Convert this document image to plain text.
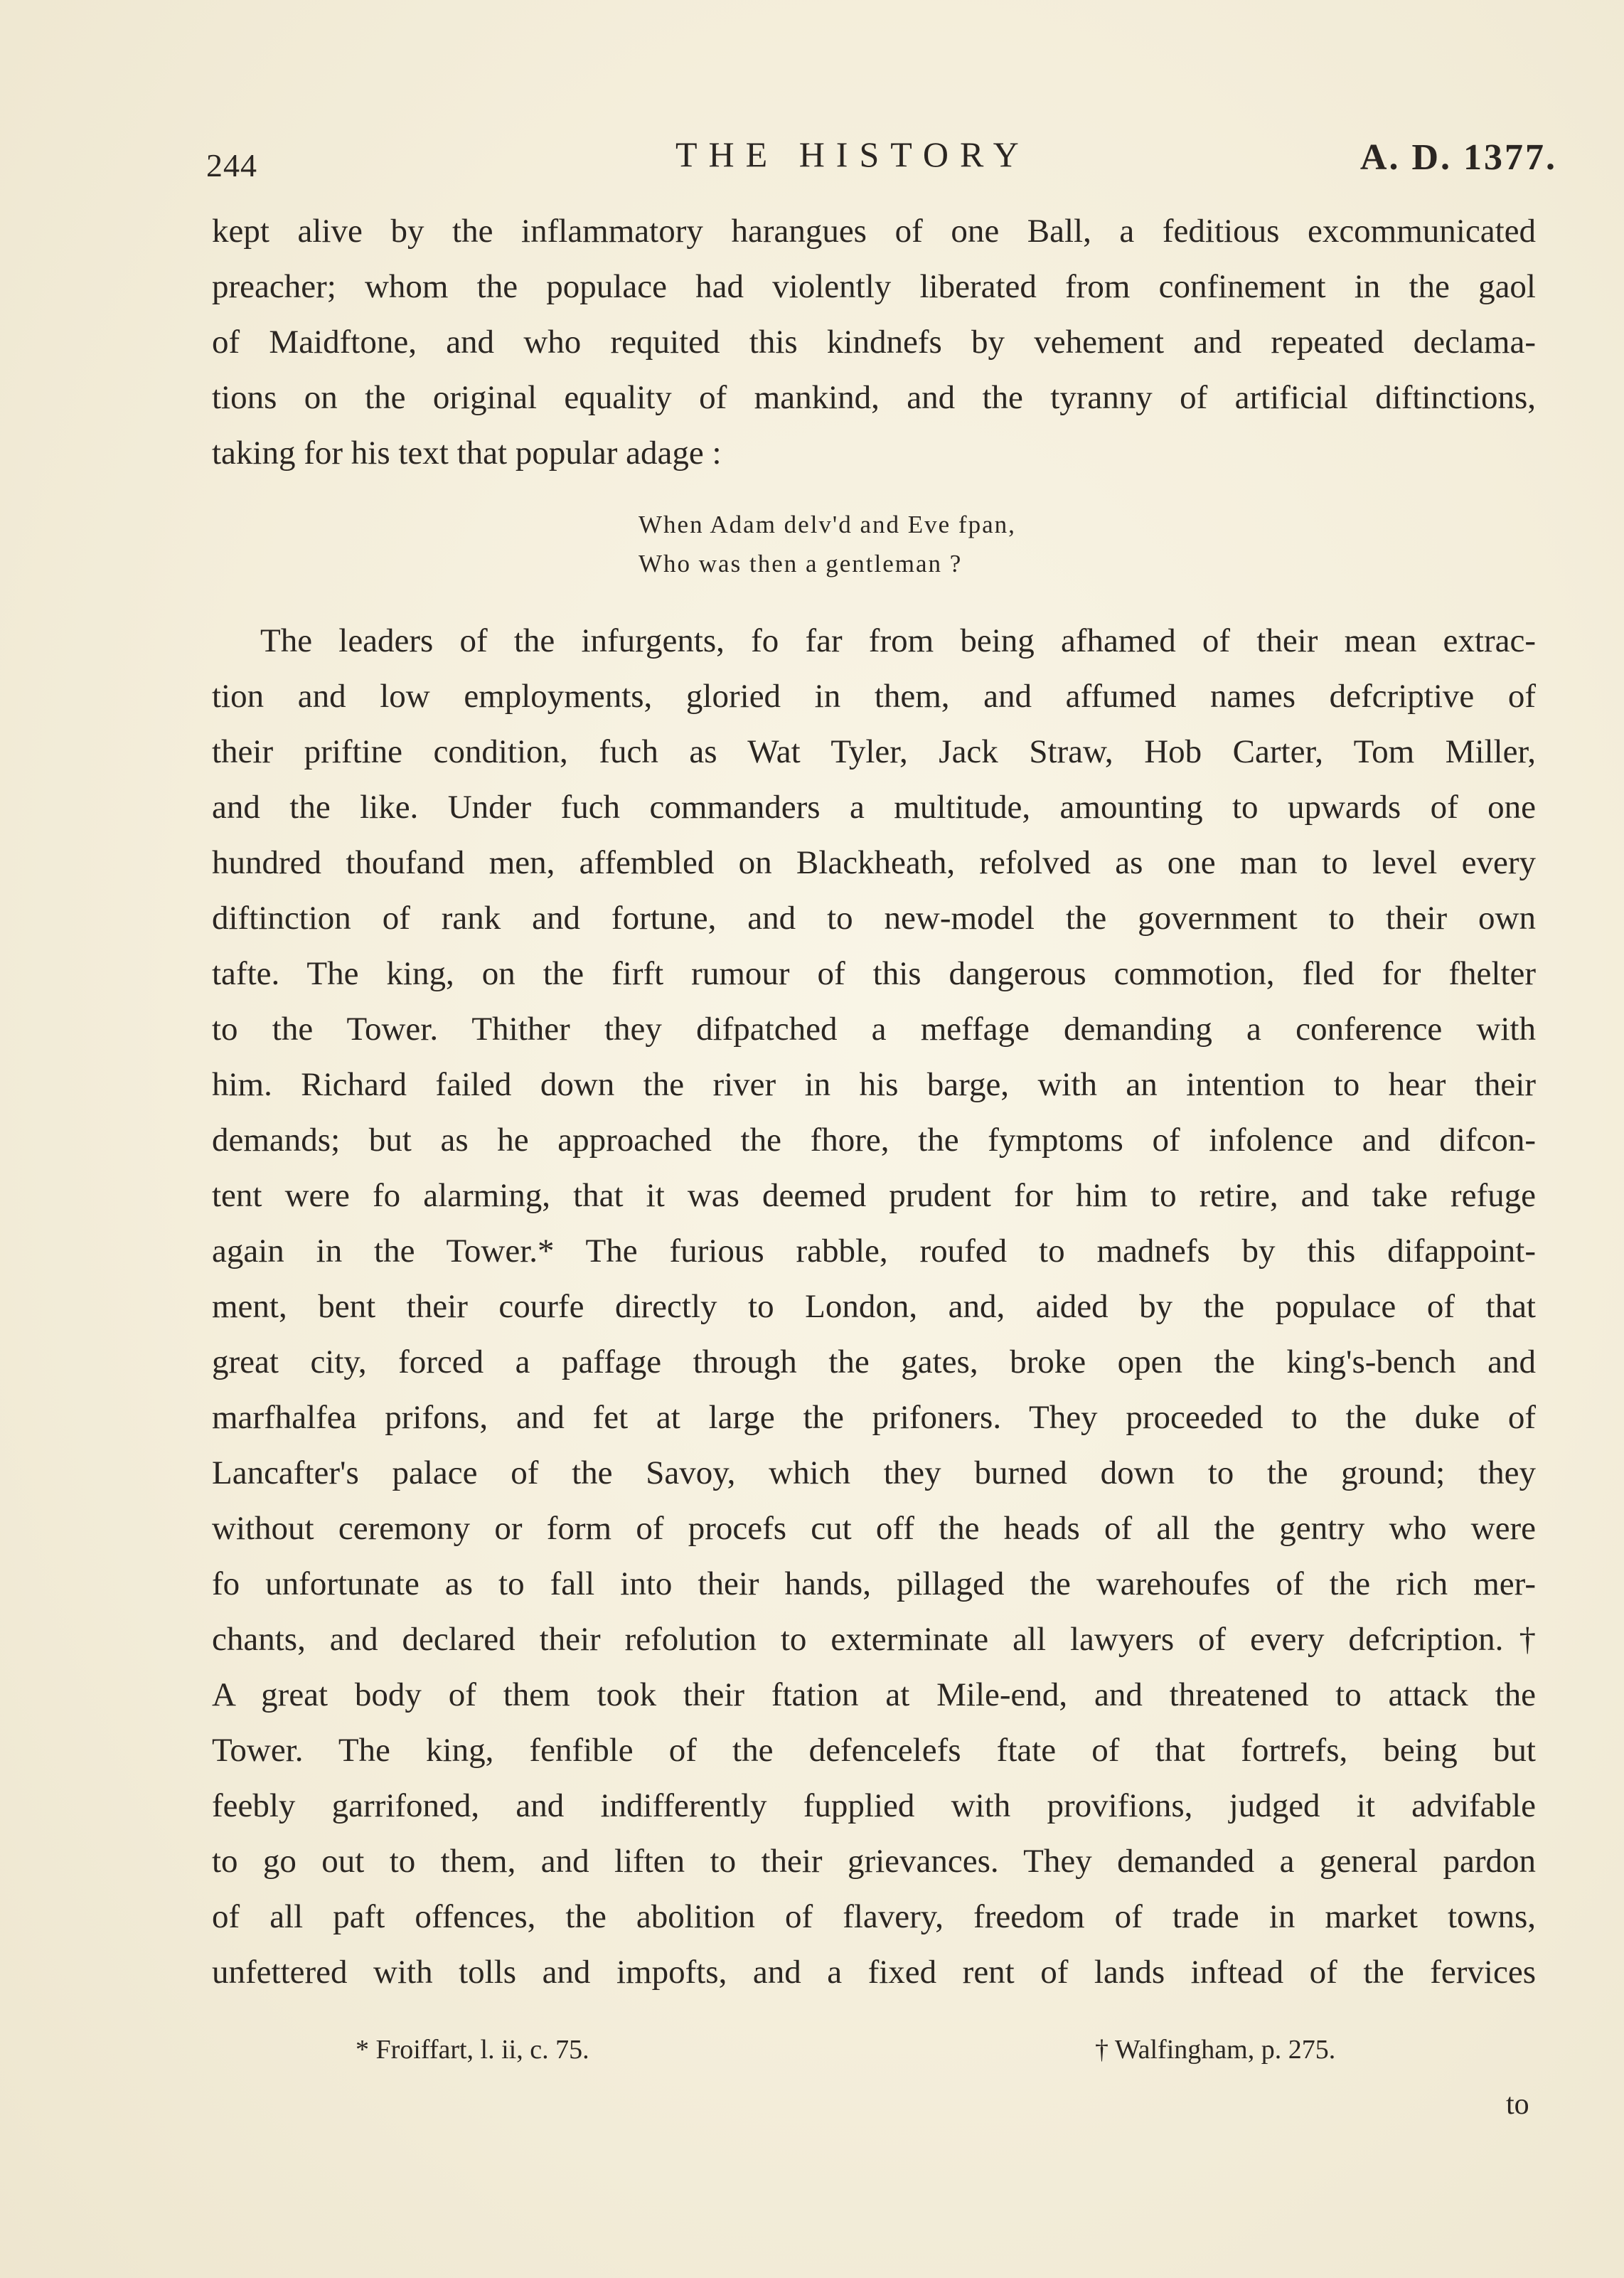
244	THE HISTORY	A. D. 1377.
kept alive by the inflammatory harangues of one Ball, a feditious excommunicated
preacher; whom the populace had violently liberated from confinement in the gaol
of Maidftone, and who requited this kindnefs by vehement and repeated declama-
tions on the original equality of mankind, and the tyranny of artificial diftinctions,
taking for his text that popular adage :
When Adam delv'd and Eve fpan,
Who was then a gentleman ?
The leaders of the infurgents, fo far from being afhamed of their mean extrac-
tion and low employments, gloried in them, and affumed names defcriptive of
their priftine condition, fuch as Wat Tyler, Jack Straw, Hob Carter, Tom Miller,
and the like. Under fuch commanders a multitude, amounting to upwards of one
hundred thoufand men, affembled on Blackheath, refolved as one man to level every
diftinction of rank and fortune, and to new-model the government to their own
tafte. The king, on the firft rumour of this dangerous commotion, fled for fhelter
to the Tower. Thither they difpatched a meffage demanding a conference with
him. Richard failed down the river in his barge, with an intention to hear their
demands; but as he approached the fhore, the fymptoms of infolence and difcon-
tent were fo alarming, that it was deemed prudent for him to retire, and take refuge
again in the Tower.* The furious rabble, roufed to madnefs by this difappoint-
ment, bent their courfe directly to London, and, aided by the populace of that
great city, forced a paffage through the gates, broke open the king's-bench and
marfhalfea prifons, and fet at large the prifoners. They proceeded to the duke of
Lancafter's palace of the Savoy, which they burned down to the ground; they
without ceremony or form of procefs cut off the heads of all the gentry who were
fo unfortunate as to fall into their hands, pillaged the warehoufes of the rich mer-
chants, and declared their refolution to exterminate all lawyers of every defcription.†
A great body of them took their ftation at Mile-end, and threatened to attack the
Tower. The king, fenfible of the defencelefs ftate of that fortrefs, being but
feebly garrifoned, and indifferently fupplied with provifions, judged it advifable
to go out to them, and liften to their grievances. They demanded a general pardon
of all paft offences, the abolition of flavery, freedom of trade in market towns,
unfettered with tolls and impofts, and a fixed rent of lands inftead of the fervices
* Froiffart, l. ii, c. 75.	† Walfingham, p. 275.
to
